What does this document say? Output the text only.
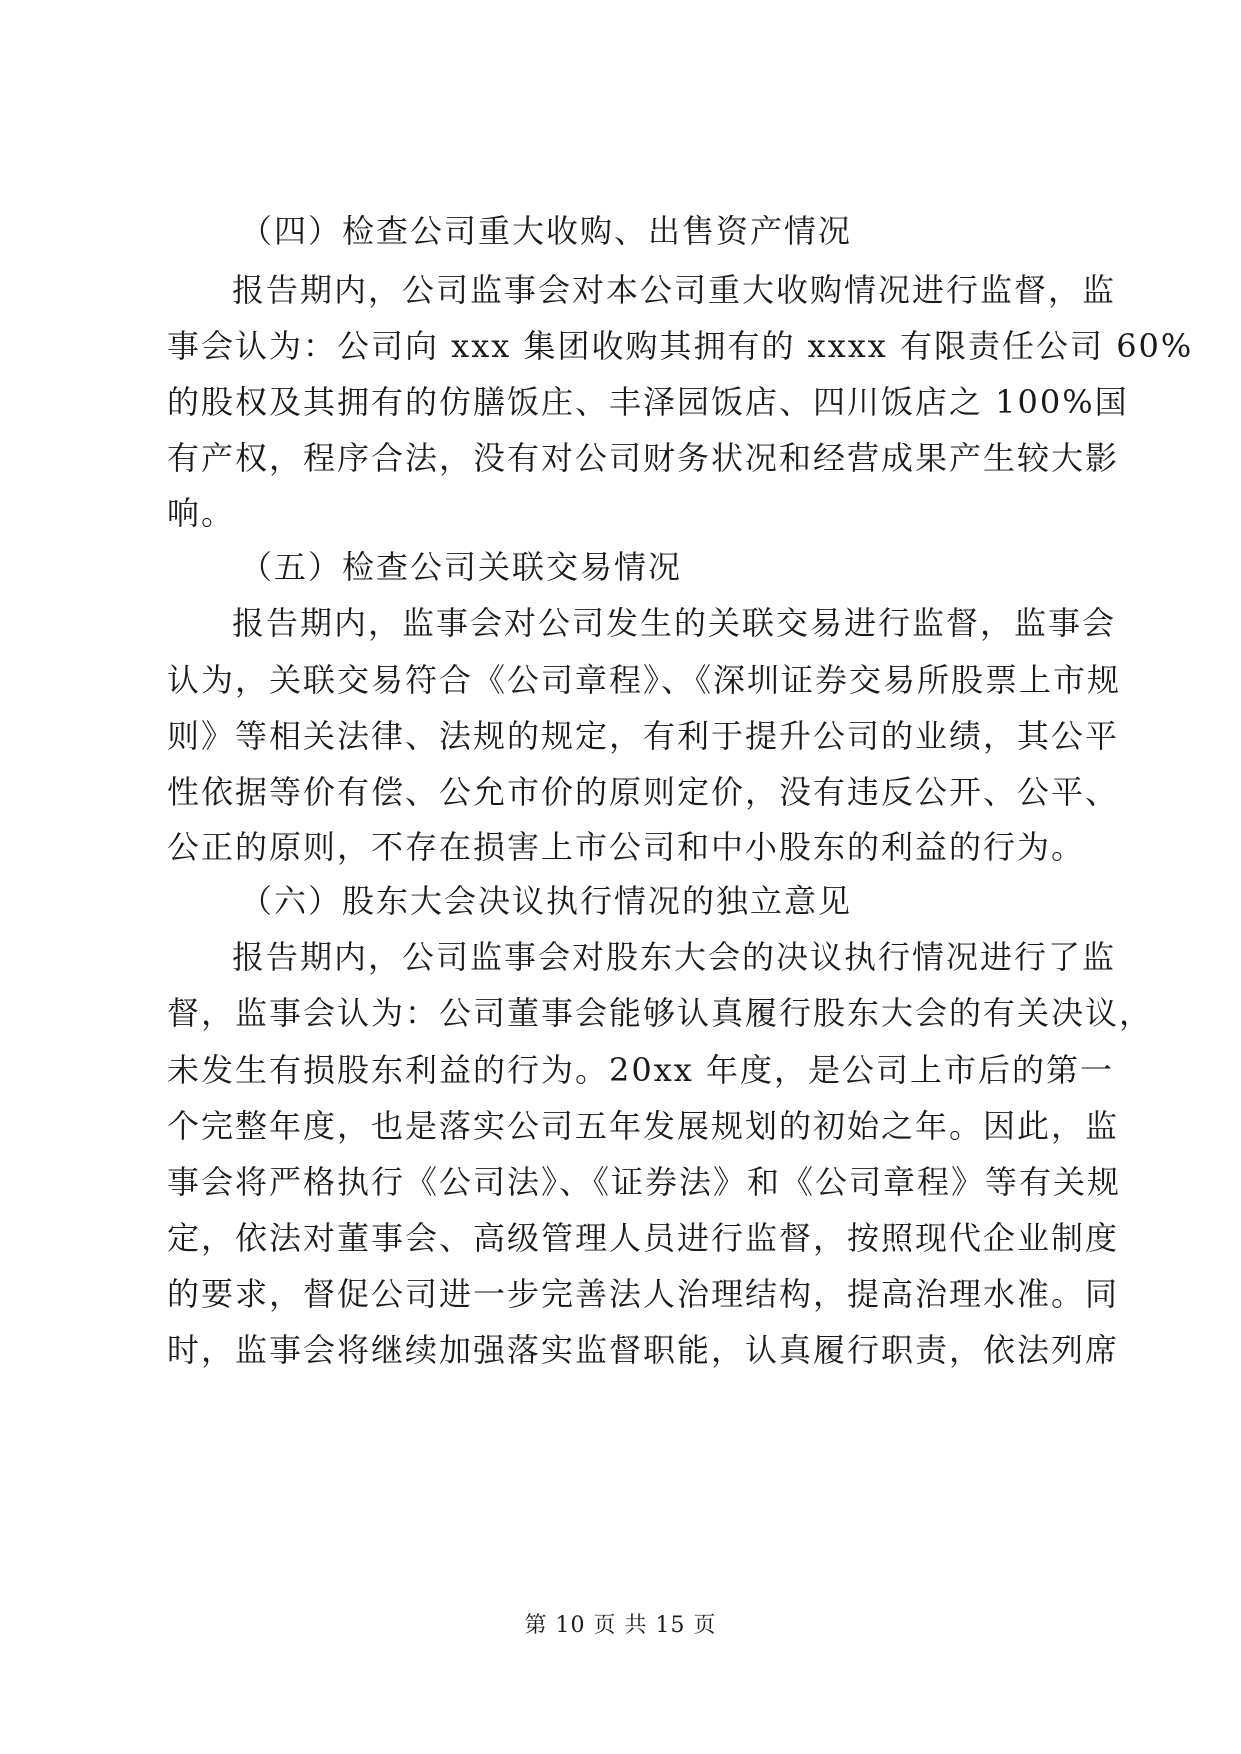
（四）检查公司重大收购、出售资产情况
报告期内，公司监事会对本公司重大收购情况进行监督，监
事会认为：公司向 xxx 集团收购其拥有的 xxxx 有限责任公司 60%
的股权及其拥有的仿膳饭庄、丰泽园饭店、四川饭店之 100%国
有产权，程序合法，没有对公司财务状况和经营成果产生较大影
响。
（五）检查公司关联交易情况
报告期内，监事会对公司发生的关联交易进行监督，监事会
认为，关联交易符合《公司章程》、《深圳证券交易所股票上市规
则》等相关法律、法规的规定，有利于提升公司的业绩，其公平
性依据等价有偿、公允市价的原则定价，没有违反公开、公平、
公正的原则，不存在损害上市公司和中小股东的利益的行为。
（六）股东大会决议执行情况的独立意见
报告期内，公司监事会对股东大会的决议执行情况进行了监
督，监事会认为：公司董事会能够认真履行股东大会的有关决议，
未发生有损股东利益的行为。20xx 年度，是公司上市后的第一
个完整年度，也是落实公司五年发展规划的初始之年。因此，监
事会将严格执行《公司法》、《证券法》和《公司章程》等有关规
定，依法对董事会、高级管理人员进行监督，按照现代企业制度
的要求，督促公司进一步完善法人治理结构，提高治理水准。同
时，监事会将继续加强落实监督职能，认真履行职责，依法列席
第 10 页 共 15 页
